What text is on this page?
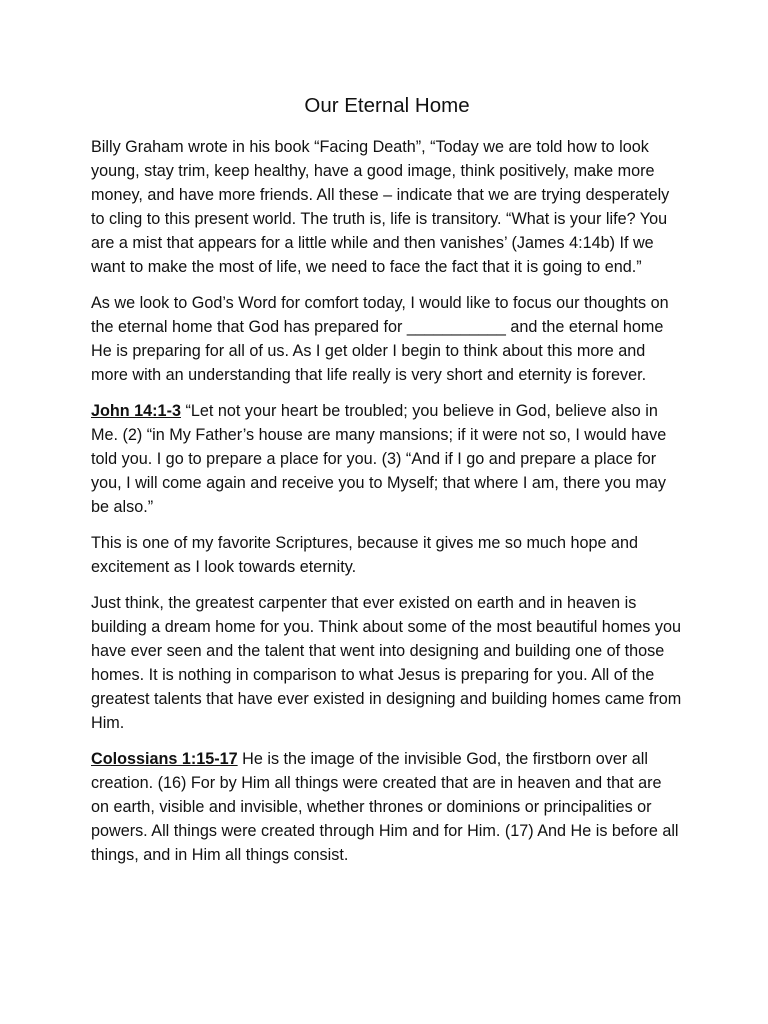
Our Eternal Home

Billy Graham wrote in his book “Facing Death”, “Today we are told how to look young, stay trim, keep healthy, have a good image, think positively, make more money, and have more friends. All these – indicate that we are trying desperately to cling to this present world. The truth is, life is transitory. “What is your life? You are a mist that appears for a little while and then vanishes’ (James 4:14b) If we want to make the most of life, we need to face the fact that it is going to end.”

As we look to God’s Word for comfort today, I would like to focus our thoughts on the eternal home that God has prepared for ___________ and the eternal home He is preparing for all of us. As I get older I begin to think about this more and more with an understanding that life really is very short and eternity is forever.

John 14:1-3 “Let not your heart be troubled; you believe in God, believe also in Me. (2) “in My Father’s house are many mansions; if it were not so, I would have told you. I go to prepare a place for you. (3) “And if I go and prepare a place for you, I will come again and receive you to Myself; that where I am, there you may be also.”

This is one of my favorite Scriptures, because it gives me so much hope and excitement as I look towards eternity.

Just think, the greatest carpenter that ever existed on earth and in heaven is building a dream home for you. Think about some of the most beautiful homes you have ever seen and the talent that went into designing and building one of those homes. It is nothing in comparison to what Jesus is preparing for you. All of the greatest talents that have ever existed in designing and building homes came from Him.

Colossians 1:15-17 He is the image of the invisible God, the firstborn over all creation. (16) For by Him all things were created that are in heaven and that are on earth, visible and invisible, whether thrones or dominions or principalities or powers. All things were created through Him and for Him. (17) And He is before all things, and in Him all things consist.
